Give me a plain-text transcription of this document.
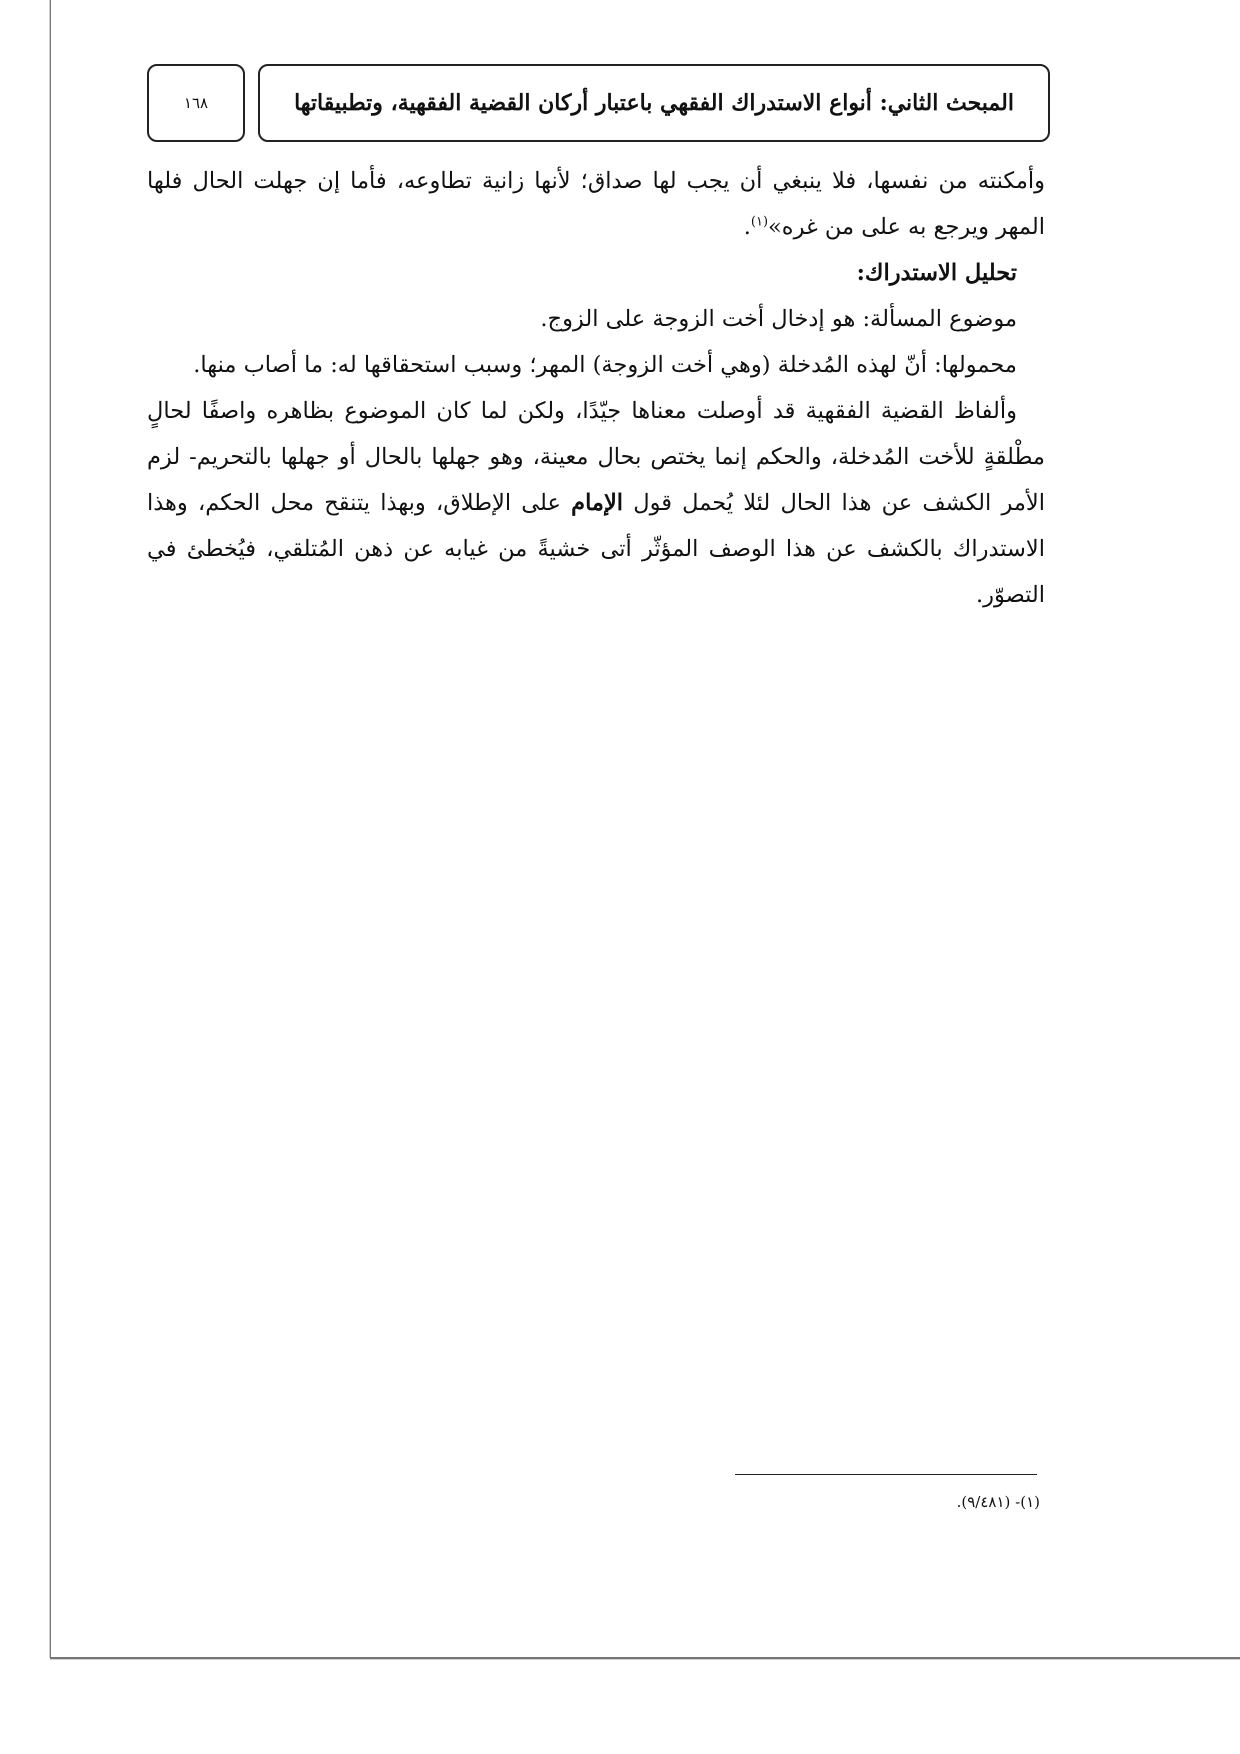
١٦٨	المبحث الثاني: أنواع الاستدراك الفقهي باعتبار أركان القضية الفقهية، وتطبيقاتها

وأمكنته من نفسها، فلا ينبغي أن يجب لها صداق؛ لأنها زانية تطاوعه، فأما إن جهلت الحال فلها المهر ويرجع به على من غره»$^{(١)}$.

تحليل الاستدراك:

موضوع المسألة: هو إدخال أخت الزوجة على الزوج.

محمولها: أنّ لهذه المُدخلة (وهي أخت الزوجة) المهر؛ وسبب استحقاقها له: ما أصاب منها.

وألفاظ القضية الفقهية قد أوصلت معناها جيّدًا، ولكن لما كان الموضوع بظاهره واصفًا لحالٍ مطْلقةٍ للأخت المُدخلة، والحكم إنما يختص بحال معينة، وهو جهلها بالحال أو جهلها بالتحريم- لزم الأمر الكشف عن هذا الحال لئلا يُحمل قول الإمام على الإطلاق، وبهذا يتنقح محل الحكم، وهذا الاستدراك بالكشف عن هذا الوصف المؤثّر أتى خشيةً من غيابه عن ذهن المُتلقي، فيُخطئ في التصوّر.

(١)- (٩/٤٨١).
